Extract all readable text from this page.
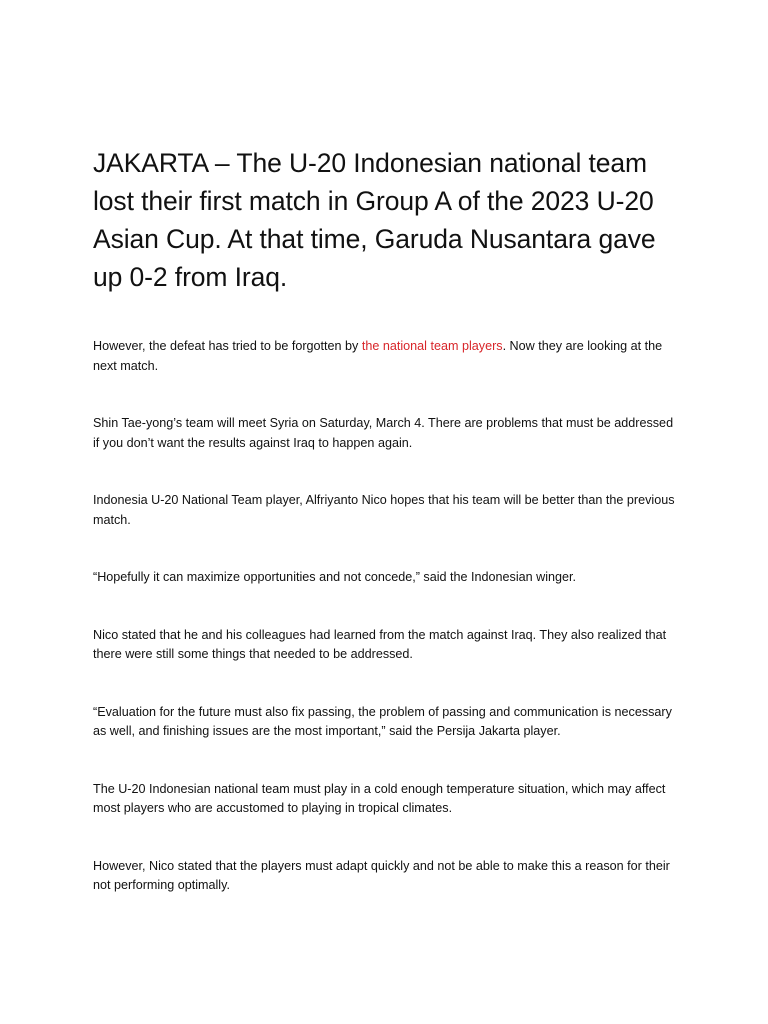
JAKARTA – The U-20 Indonesian national team lost their first match in Group A of the 2023 U-20 Asian Cup. At that time, Garuda Nusantara gave up 0-2 from Iraq.

However, the defeat has tried to be forgotten by the national team players. Now they are looking at the next match.

Shin Tae-yong’s team will meet Syria on Saturday, March 4. There are problems that must be addressed if you don’t want the results against Iraq to happen again.

Indonesia U-20 National Team player, Alfriyanto Nico hopes that his team will be better than the previous match.

“Hopefully it can maximize opportunities and not concede,” said the Indonesian winger.

Nico stated that he and his colleagues had learned from the match against Iraq. They also realized that there were still some things that needed to be addressed.

“Evaluation for the future must also fix passing, the problem of passing and communication is necessary as well, and finishing issues are the most important,” said the Persija Jakarta player.

The U-20 Indonesian national team must play in a cold enough temperature situation, which may affect most players who are accustomed to playing in tropical climates.

However, Nico stated that the players must adapt quickly and not be able to make this a reason for their not performing optimally.
